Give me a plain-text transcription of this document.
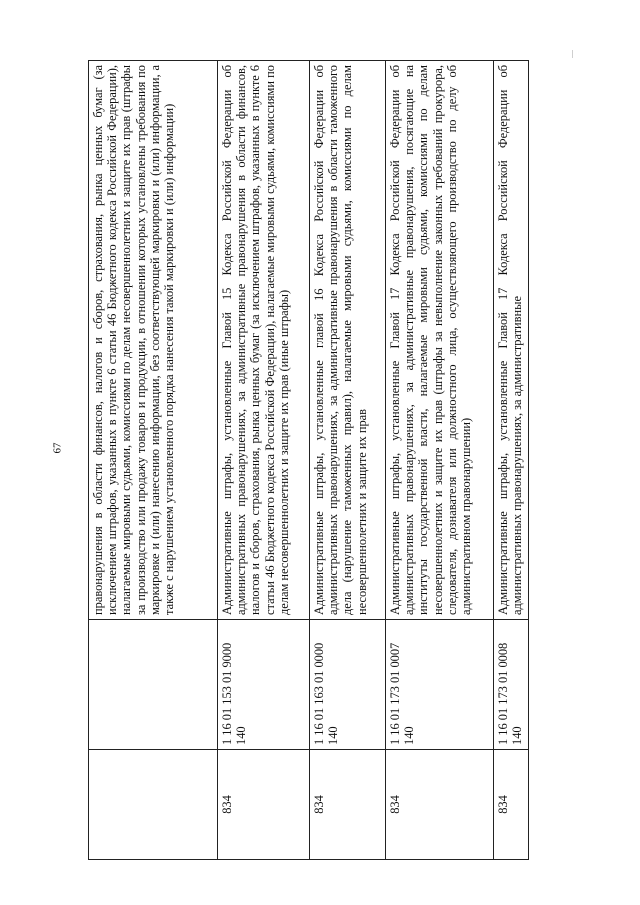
67
		правонарушения в области финансов, налогов и сборов, страхования, рынка ценных бумаг (за исключением штрафов, указанных в пункте 6 статьи 46 Бюджетного кодекса Российской Федерации), налагаемые мировыми судьями, комиссиями по делам несовершеннолетних и защите их прав (штрафы за производство или продажу товаров и продукции, в отношении которых установлены требования по маркировке и (или) нанесению информации, без соответствующей маркировки и (или) информации, а также с нарушением установленного порядка нанесения такой маркировки и (или) информации)
834	1 16 01 153 01 9000 140	Административные штрафы, установленные Главой 15 Кодекса Российской Федерации об административных правонарушениях, за административные правонарушения в области финансов, налогов и сборов, страхования, рынка ценных бумаг (за исключением штрафов, указанных в пункте 6 статьи 46 Бюджетного кодекса Российской Федерации), налагаемые мировыми судьями, комиссиями по делам несовершеннолетних и защите их прав (иные штрафы)
834	1 16 01 163 01 0000 140	Административные штрафы, установленные главой 16 Кодекса Российской Федерации об административных правонарушениях, за административные правонарушения в области таможенного дела (нарушение таможенных правил), налагаемые мировыми судьями, комиссиями по делам несовершеннолетних и защите их прав
834	1 16 01 173 01 0007 140	Административные штрафы, установленные Главой 17 Кодекса Российской Федерации об административных правонарушениях, за административные правонарушения, посягающие на институты государственной власти, налагаемые мировыми судьями, комиссиями по делам несовершеннолетних и защите их прав (штрафы за невыполнение законных требований прокурора, следователя, дознавателя или должностного лица, осуществляющего производство по делу об административном правонарушении)
834	1 16 01 173 01 0008 140	Административные штрафы, установленные Главой 17 Кодекса Российской Федерации об административных правонарушениях, за административные
